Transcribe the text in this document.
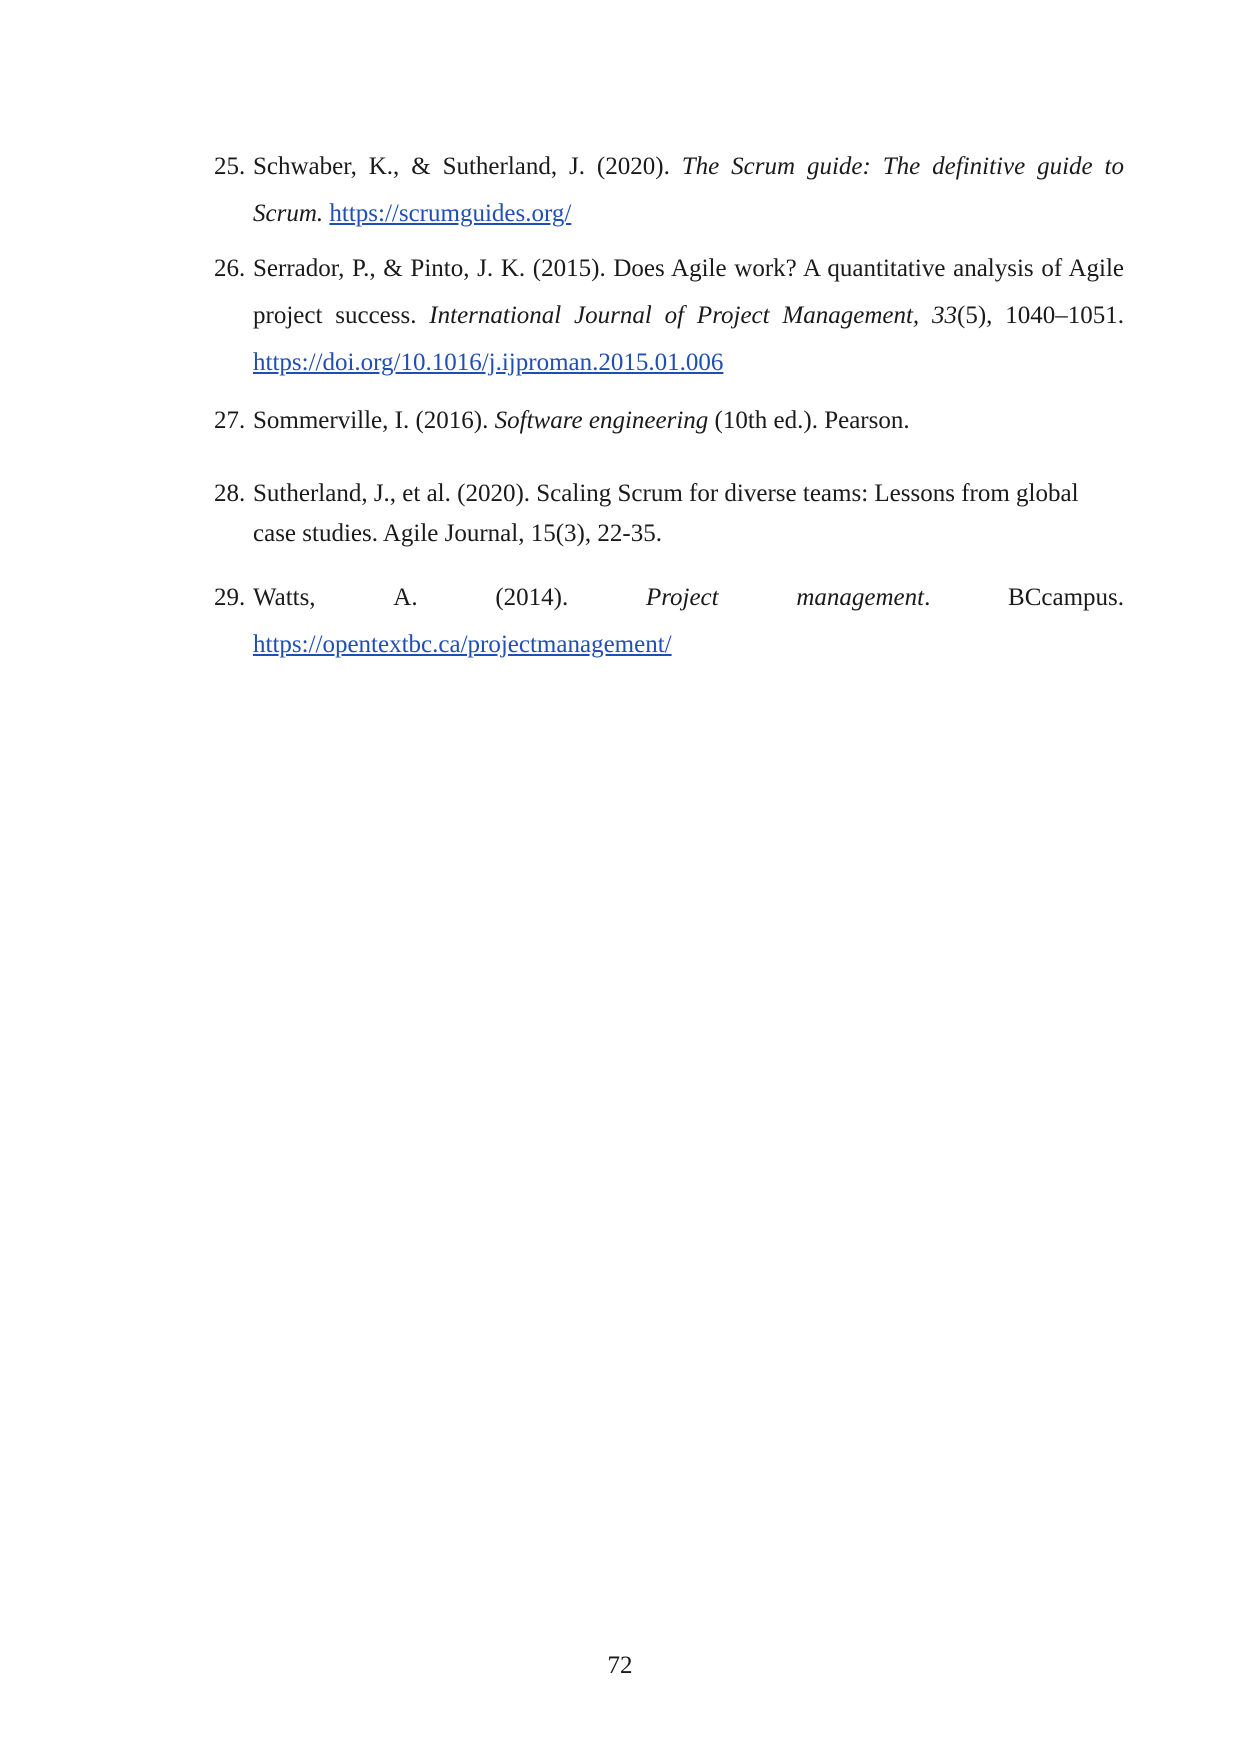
25. Schwaber, K., & Sutherland, J. (2020). The Scrum guide: The definitive guide to Scrum. https://scrumguides.org/
26. Serrador, P., & Pinto, J. K. (2015). Does Agile work? A quantitative analysis of Agile project success. International Journal of Project Management, 33(5), 1040–1051. https://doi.org/10.1016/j.ijproman.2015.01.006
27. Sommerville, I. (2016). Software engineering (10th ed.). Pearson.
28. Sutherland, J., et al. (2020). Scaling Scrum for diverse teams: Lessons from global case studies. Agile Journal, 15(3), 22-35.
29. Watts,	A.	(2014).	Project	management.	BCcampus.
https://opentextbc.ca/projectmanagement/
72
